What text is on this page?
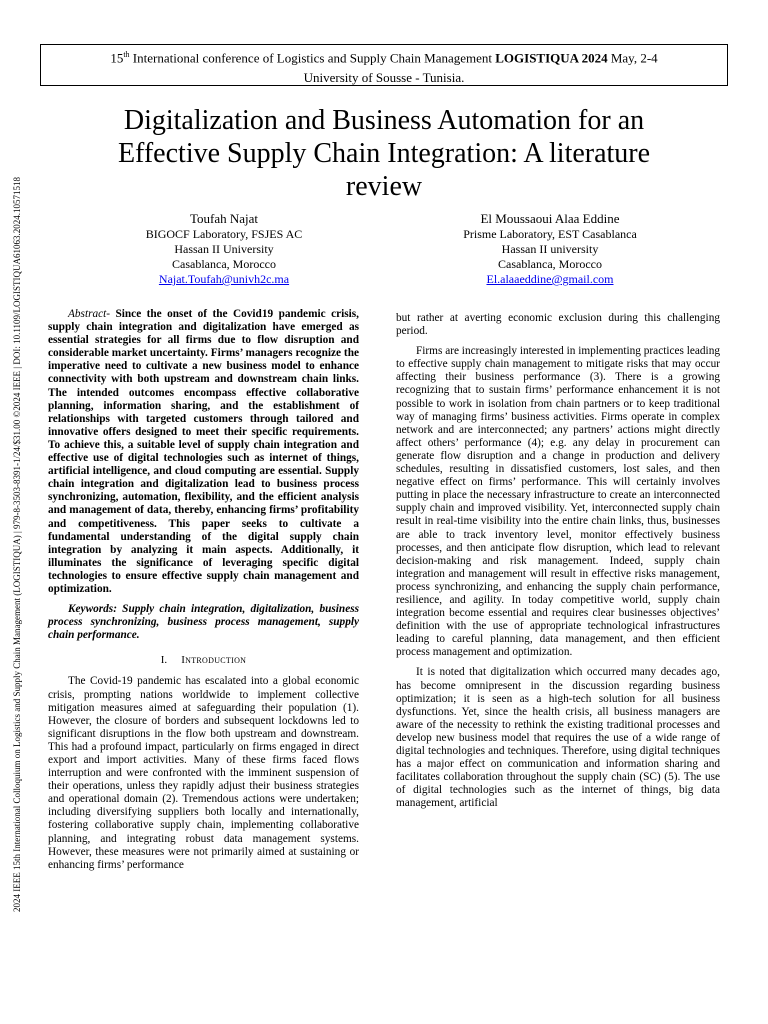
15th International conference of Logistics and Supply Chain Management LOGISTIQUA 2024 May, 2-4
University of Sousse - Tunisia.
2024 IEEE 15th International Colloquium on Logistics and Supply Chain Management (LOGISTIQUA) | 979-8-3503-8391-1/24/$31.00 ©2024 IEEE | DOI: 10.1109/LOGISTIQUA61063.2024.10571518
Digitalization and Business Automation for an
Effective Supply Chain Integration: A literature
review
Toufah Najat
BIGOCF Laboratory, FSJES AC
Hassan II University
Casablanca, Morocco
Najat.Toufah@univh2c.ma
El Moussaoui Alaa Eddine
Prisme Laboratory, EST Casablanca
Hassan II university
Casablanca, Morocco
El.alaaeddine@gmail.com

Abstract- Since the onset of the Covid19 pandemic crisis, supply chain integration and digitalization have emerged as essential strategies for all firms due to flow disruption and considerable market uncertainty. Firms’ managers recognize the imperative need to cultivate a new business model to enhance connectivity with both upstream and downstream chain links. The intended outcomes encompass effective collaborative planning, information sharing, and the establishment of relationships with targeted customers through tailored and innovative offers designed to meet their specific requirements. To achieve this, a suitable level of supply chain integration and effective use of digital technologies such as internet of things, artificial intelligence, and cloud computing are essential. Supply chain integration and digitalization lead to business process synchronizing, automation, flexibility, and the efficient analysis and management of data, thereby, enhancing firms’ profitability and competitiveness. This paper seeks to cultivate a fundamental understanding of the digital supply chain integration by analyzing it main aspects. Additionally, it illuminates the significance of leveraging specific digital technologies to ensure effective supply chain management and optimization.

Keywords: Supply chain integration, digitalization, business process synchronizing, business process management, supply chain performance.

I. Introduction

The Covid-19 pandemic has escalated into a global economic crisis, prompting nations worldwide to implement collective mitigation measures aimed at safeguarding their population (1). However, the closure of borders and subsequent lockdowns led to significant disruptions in the flow both upstream and downstream. This had a profound impact, particularly on firms engaged in direct export and import activities. Many of these firms faced flows interruption and were confronted with the imminent suspension of their operations, unless they rapidly adjust their business strategies and operational domain (2). Tremendous actions were undertaken; including diversifying suppliers both locally and internationally, fostering collaborative supply chain, implementing collaborative planning, and integrating robust data management systems. However, these measures were not primarily aimed at sustaining or enhancing firms’ performance

but rather at averting economic exclusion during this challenging period.

Firms are increasingly interested in implementing practices leading to effective supply chain management to mitigate risks that may occur affecting their business performance (3). There is a growing recognizing that to sustain firms’ performance enhancement it is not possible to work in isolation from chain partners or to keep traditional way of managing firms’ business activities. Firms operate in complex network and are interconnected; any partners’ actions might directly affect others’ performance (4); e.g. any delay in procurement can generate flow disruption and a change in production and delivery schedules, resulting in dissatisfied customers, lost sales, and then negative effect on firms’ performance. This will certainly involves putting in place the necessary infrastructure to create an interconnected supply chain and improved visibility. Yet, interconnected supply chain result in real-time visibility into the entire chain links, thus, businesses are able to track inventory level, monitor effectively business processes, and then anticipate flow disruption, which lead to relevant decision-making and risk management. Indeed, supply chain integration and management will result in effective risks management, process synchronizing, and enhancing the supply chain performance, resilience, and agility. In today competitive world, supply chain integration become essential and requires clear businesses objectives’ definition with the use of appropriate technological infrastructures leading to careful planning, data management, and then efficient process management and optimization.

It is noted that digitalization which occurred many decades ago, has become omnipresent in the discussion regarding business optimization; it is seen as a high-tech solution for all business dysfunctions. Yet, since the health crisis, all business managers are aware of the necessity to rethink the existing traditional processes and develop new business model that requires the use of a wide range of digital technologies and techniques. Therefore, using digital techniques has a major effect on communication and information sharing and facilitates collaboration throughout the supply chain (SC) (5). The use of digital technologies such as the internet of things, big data management, artificial
